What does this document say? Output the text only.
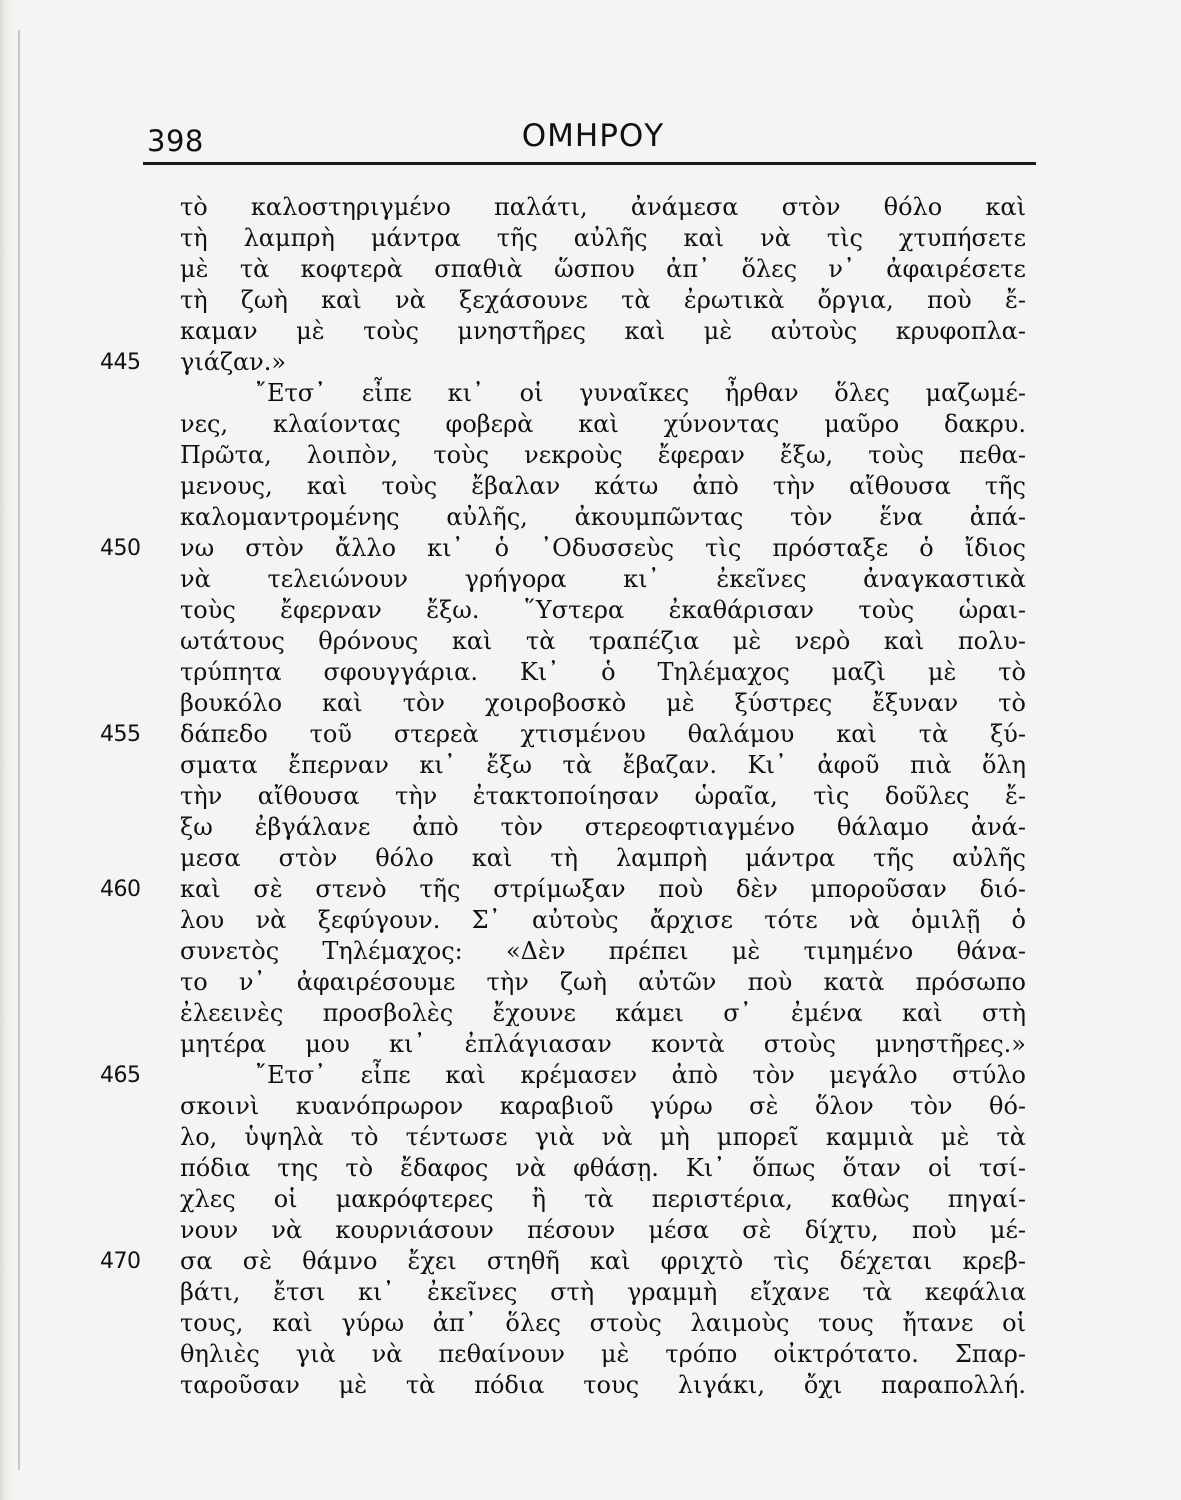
398	ΟΜΗΡΟΥ
τὸ καλοστηριγμένο παλάτι, ἀνάμεσα στὸν θόλο καὶ
τὴ λαμπρὴ μάντρα τῆς αὐλῆς καὶ νὰ τὶς χτυπήσετε
μὲ τὰ κοφτερὰ σπαθιὰ ὥσπου ἀπ᾿ ὅλες ν᾿ ἀφαιρέσετε
τὴ ζωὴ καὶ νὰ ξεχάσουνε τὰ ἐρωτικὰ ὄργια, ποὺ ἔ-
καμαν μὲ τοὺς μνηστῆρες καὶ μὲ αὐτοὺς κρυφοπλα-
445	γιάζαν.»
῎Ετσ᾿ εἶπε κι᾿ οἱ γυναῖκες ἦρθαν ὅλες μαζωμέ-
νες, κλαίοντας φοβερὰ καὶ χύνοντας μαῦρο δακρυ.
Πρῶτα, λοιπὸν, τοὺς νεκροὺς ἔφεραν ἔξω, τοὺς πεθα-
μενους, καὶ τοὺς ἔβαλαν κάτω ἀπὸ τὴν αἴθουσα τῆς
καλομαντρομένης αὐλῆς, ἀκουμπῶντας τὸν ἕνα ἀπά-
450	νω στὸν ἄλλο κι᾿ ὁ ᾿Οδυσσεὺς τὶς πρόσταξε ὁ ἴδιος
νὰ τελειώνουν γρήγορα κι᾿ ἐκεῖνες ἀναγκαστικὰ
τοὺς ἔφερναν ἔξω. ῞Υστερα ἐκαθάρισαν τοὺς ὡραι-
ωτάτους θρόνους καὶ τὰ τραπέζια μὲ νερὸ καὶ πολυ-
τρύπητα σφουγγάρια. Κι᾿ ὁ Τηλέμαχος μαζὶ μὲ τὸ
βουκόλο καὶ τὸν χοιροβοσκὸ μὲ ξύστρες ἔξυναν τὸ
455	δάπεδο τοῦ στερεὰ χτισμένου θαλάμου καὶ τὰ ξύ-
σματα ἔπερναν κι᾿ ἔξω τὰ ἔβαζαν. Κι᾿ ἀφοῦ πιὰ ὅλη
τὴν αἴθουσα τὴν ἐτακτοποίησαν ὡραῖα, τὶς δοῦλες ἔ-
ξω ἐβγάλανε ἀπὸ τὸν στερεοφτιαγμένο θάλαμο ἀνά-
μεσα στὸν θόλο καὶ τὴ λαμπρὴ μάντρα τῆς αὐλῆς
460	καὶ σὲ στενὸ τῆς στρίμωξαν ποὺ δὲν μποροῦσαν διό-
λου νὰ ξεφύγουν. Σ᾿ αὐτοὺς ἄρχισε τότε νὰ ὁμιλῇ ὁ
συνετὸς Τηλέμαχος: «Δὲν πρέπει μὲ τιμημένο θάνα-
το ν᾿ ἀφαιρέσουμε τὴν ζωὴ αὐτῶν ποὺ κατὰ πρόσωπο
ἐλεεινὲς προσβολὲς ἔχουνε κάμει σ᾿ ἐμένα καὶ στὴ
μητέρα μου κι᾿ ἐπλάγιασαν κοντὰ στοὺς μνηστῆρες.»
465	῎Ετσ᾿ εἶπε καὶ κρέμασεν ἀπὸ τὸν μεγάλο στύλο
σκοινὶ κυανόπρωρον καραβιοῦ γύρω σὲ ὅλον τὸν θό-
λο, ὑψηλὰ τὸ τέντωσε γιὰ νὰ μὴ μπορεῖ καμμιὰ μὲ τὰ
πόδια της τὸ ἔδαφος νὰ φθάσῃ. Κι᾿ ὅπως ὅταν οἱ τσί-
χλες οἱ μακρόφτερες ἢ τὰ περιστέρια, καθὼς πηγαί-
νουν νὰ κουρνιάσουν πέσουν μέσα σὲ δίχτυ, ποὺ μέ-
470	σα σὲ θάμνο ἔχει στηθῆ καὶ φριχτὸ τὶς δέχεται κρεβ-
βάτι, ἔτσι κι᾿ ἐκεῖνες στὴ γραμμὴ εἴχανε τὰ κεφάλια
τους, καὶ γύρω ἀπ᾿ ὅλες στοὺς λαιμοὺς τους ἤτανε οἱ
θηλιὲς γιὰ νὰ πεθαίνουν μὲ τρόπο οἰκτρότατο. Σπαρ-
ταροῦσαν μὲ τὰ πόδια τους λιγάκι, ὄχι παραπολλή.
